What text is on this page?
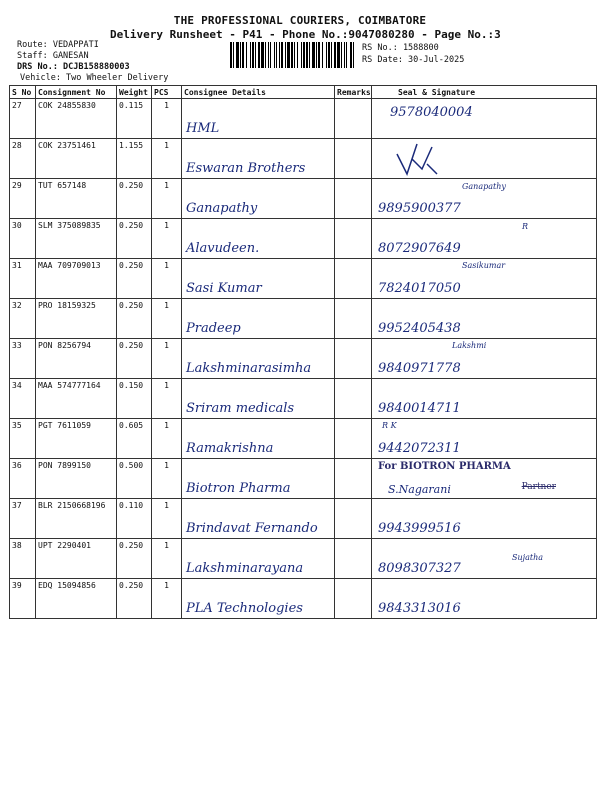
THE PROFESSIONAL COURIERS, COIMBATORE
Delivery Runsheet - P41 - Phone No.:9047080280 - Page No.:3
Route: VEDAPPATI
Staff: GANESAN
DRS No.: DCJB158880003
Vehicle: Two Wheeler Delivery
RS No.: 1588800
RS Date: 30-Jul-2025
S No	Consignment No	Weight	PCS	Consignee Details	Remarks	Seal & Signature
27	COK 24855830	0.115	1	HML		9578040004

28	COK 23751461	1.155	1	Eswaran Brothers

29	TUT 657148	0.250	1	Ganapathy		9895900377
Ganapathy

30	SLM 375089835	0.250	1	Alavudeen.		8072907649
R

31	MAA 709709013	0.250	1	Sasi Kumar		7824017050
Sasikumar

32	PRO 18159325	0.250	1	Pradeep		9952405438

33	PON 8256794	0.250	1	Lakshminarasimha		9840971778
Lakshmi

34	MAA 574777164	0.150	1	Sriram medicals		9840014711

35	PGT 7611059	0.605	1	Ramakrishna		9442072311
R K

36	PON 7899150	0.500	1	Biotron Pharma		For BIOTRON PHARMA
S.Nagarani Partner

37	BLR 2150668196	0.110	1	Brindavat Fernando		9943999516

38	UPT 2290401	0.250	1	Lakshminarayana		8098307327
Sujatha

39	EDQ 15094856	0.250	1	PLA Technologies		9843313016
